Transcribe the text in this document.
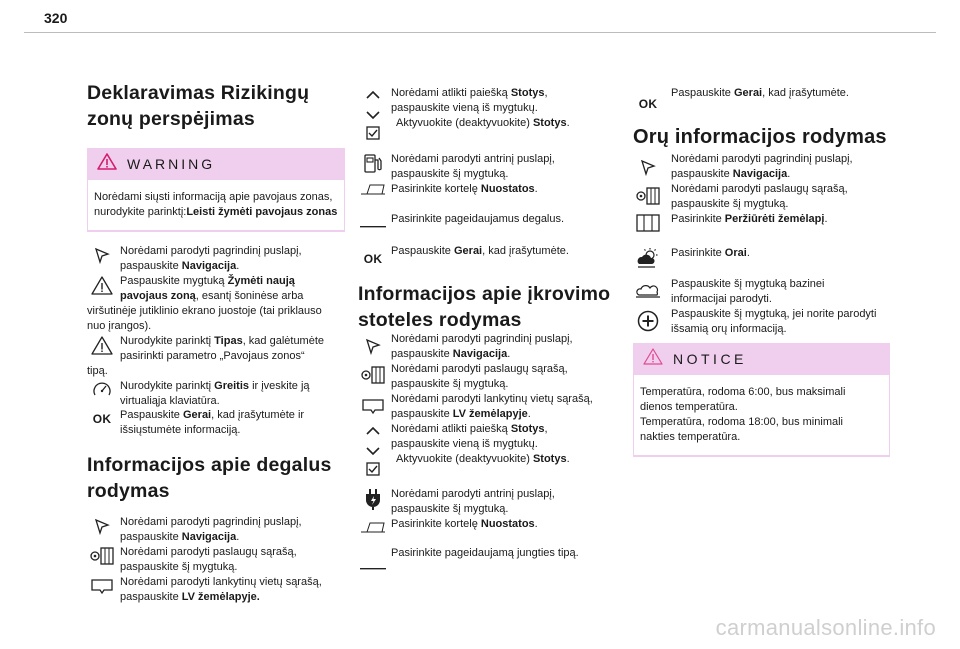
320
Deklaravimas Rizikingų
zonų perspėjimas
WARNING
Norėdami siųsti informaciją apie pavojaus zonas, nurodykite parinktį:Leisti žymėti pavojaus zonas
Norėdami parodyti pagrindinį puslapį,
paspauskite Navigacija.
Paspauskite mygtuką Žymėti naują
pavojaus zoną, esantį šoninėse arba
viršutinėje jutiklinio ekrano juostoje (tai priklauso
nuo įrangos).
Nurodykite parinktį Tipas, kad galėtumėte
pasirinkti parametro „Pavojaus zonos“
tipą.
Nurodykite parinktį Greitis ir įveskite ją
virtualiąja klaviatūra.
OK Paspauskite Gerai, kad įrašytumėte ir
išsiųstumėte informaciją.
Informacijos apie degalus
rodymas
Norėdami parodyti pagrindinį puslapį,
paspauskite Navigacija.
Norėdami parodyti paslaugų sąrašą,
paspauskite šį mygtuką.
Norėdami parodyti lankytinų vietų sąrašą,
paspauskite LV žemėlapyje.
Norėdami atlikti paiešką Stotys,
paspauskite vieną iš mygtukų.
Aktyvuokite (deaktyvuokite) Stotys.
Norėdami parodyti antrinį puslapį,
paspauskite šį mygtuką.
Pasirinkite kortelę Nuostatos.
Pasirinkite pageidaujamus degalus.
OK
Paspauskite Gerai, kad įrašytumėte.
Informacijos apie įkrovimo
stoteles rodymas
Norėdami parodyti pagrindinį puslapį,
paspauskite Navigacija.
Norėdami parodyti paslaugų sąrašą,
paspauskite šį mygtuką.
Norėdami parodyti lankytinų vietų sąrašą,
paspauskite LV žemėlapyje.
Norėdami atlikti paiešką Stotys,
paspauskite vieną iš mygtukų.
Aktyvuokite (deaktyvuokite) Stotys.
Norėdami parodyti antrinį puslapį,
paspauskite šį mygtuką.
Pasirinkite kortelę Nuostatos.
Pasirinkite pageidaujamą jungties tipą.
OK
Paspauskite Gerai, kad įrašytumėte.
Orų informacijos rodymas
Norėdami parodyti pagrindinį puslapį,
paspauskite Navigacija.
Norėdami parodyti paslaugų sąrašą,
paspauskite šį mygtuką.
Pasirinkite Peržiūrėti žemėlapį.
Pasirinkite Orai.
Paspauskite šį mygtuką bazinei
informacijai parodyti.
Paspauskite šį mygtuką, jei norite parodyti
išsamią orų informaciją.
NOTICE
Temperatūra, rodoma 6:00, bus maksimali
dienos temperatūra.
Temperatūra, rodoma 18:00, bus minimali
nakties temperatūra.
carmanualsonline.info
